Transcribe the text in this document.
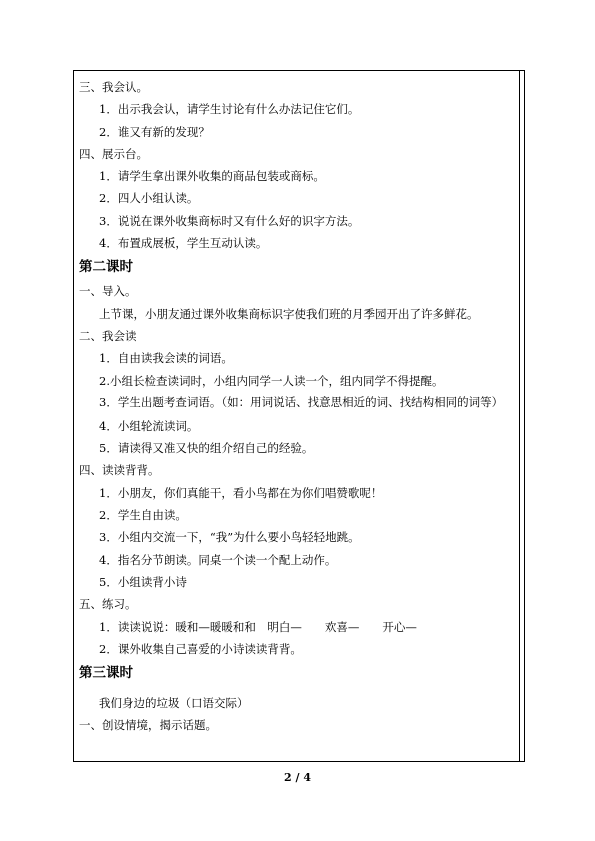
三、我会认。
1．出示我会认，请学生讨论有什么办法记住它们。
2．谁又有新的发现？
四、展示台。
1．请学生拿出课外收集的商品包装或商标。
2．四人小组认读。
3．说说在课外收集商标时又有什么好的识字方法。
4．布置成展板，学生互动认读。
第二课时
一、导入。
上节课，小朋友通过课外收集商标识字使我们班的月季园开出了许多鲜花。
二、我会读
1．自由读我会读的词语。
2.小组长检查读词时，小组内同学一人读一个，组内同学不得提醒。
3．学生出题考查词语。（如：用词说话、找意思相近的词、找结构相同的词等）
4．小组轮流读词。
5．请读得又准又快的组介绍自己的经验。
四、读读背背。
1．小朋友，你们真能干，看小鸟都在为你们唱赞歌呢！
2．学生自由读。
3．小组内交流一下，“我”为什么要小鸟轻轻地跳。
4．指名分节朗读。同桌一个读一个配上动作。
5．小组读背小诗
五、练习。
1．读读说说：暖和—暖暖和和　明白—　　欢喜—　　开心—
2．课外收集自己喜爱的小诗读读背背。
第三课时
我们身边的垃圾（口语交际）
一、创设情境，揭示话题。
2 / 4
